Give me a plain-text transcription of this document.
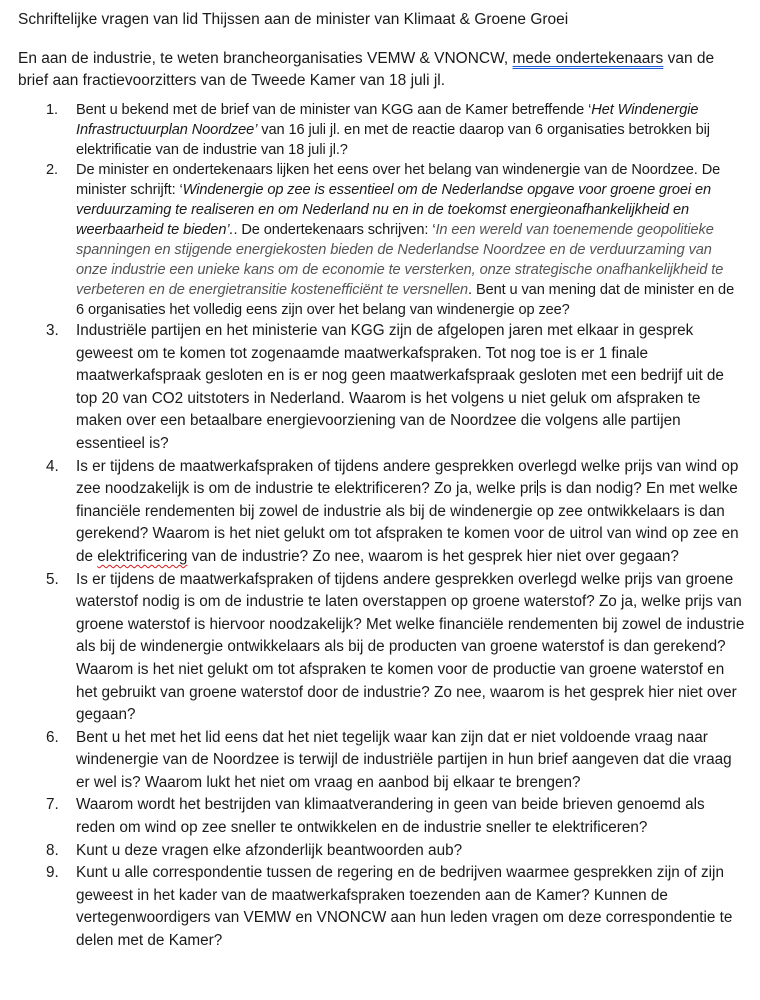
Schriftelijke vragen van lid Thijssen aan de minister van Klimaat & Groene Groei

En aan de industrie, te weten brancheorganisaties VEMW & VNONCW, mede ondertekenaars van de brief aan fractievoorzitters van de Tweede Kamer van 18 juli jl.

1. Bent u bekend met de brief van de minister van KGG aan de Kamer betreffende ‘Het Windenergie Infrastructuurplan Noordzee’ van 16 juli jl. en met de reactie daarop van 6 organisaties betrokken bij elektrificatie van de industrie van 18 juli jl.?
2. De minister en ondertekenaars lijken het eens over het belang van windenergie van de Noordzee. De minister schrijft: ‘Windenergie op zee is essentieel om de Nederlandse opgave voor groene groei en verduurzaming te realiseren en om Nederland nu en in de toekomst energieonafhankelijkheid en weerbaarheid te bieden’.. De ondertekenaars schrijven: ‘In een wereld van toenemende geopolitieke spanningen en stijgende energiekosten bieden de Nederlandse Noordzee en de verduurzaming van onze industrie een unieke kans om de economie te versterken, onze strategische onafhankelijkheid te verbeteren en de energietransitie kostenefficiënt te versnellen. Bent u van mening dat de minister en de 6 organisaties het volledig eens zijn over het belang van windenergie op zee?
3. Industriële partijen en het ministerie van KGG zijn de afgelopen jaren met elkaar in gesprek geweest om te komen tot zogenaamde maatwerkafspraken. Tot nog toe is er 1 finale maatwerkafspraak gesloten en is er nog geen maatwerkafspraak gesloten met een bedrijf uit de top 20 van CO2 uitstoters in Nederland. Waarom is het volgens u niet geluk om afspraken te maken over een betaalbare energievoorziening van de Noordzee die volgens alle partijen essentieel is?
4. Is er tijdens de maatwerkafspraken of tijdens andere gesprekken overlegd welke prijs van wind op zee noodzakelijk is om de industrie te elektrificeren? Zo ja, welke pri s is dan nodig? En met welke financiële rendementen bij zowel de industrie als bij de windenergie op zee ontwikkelaars is dan gerekend? Waarom is het niet gelukt om tot afspraken te komen voor de uitrol van wind op zee en de elektrificering van de industrie? Zo nee, waarom is het gesprek hier niet over gegaan?
5. Is er tijdens de maatwerkafspraken of tijdens andere gesprekken overlegd welke prijs van groene waterstof nodig is om de industrie te laten overstappen op groene waterstof? Zo ja, welke prijs van groene waterstof is hiervoor noodzakelijk? Met welke financiële rendementen bij zowel de industrie als bij de windenergie ontwikkelaars als bij de producten van groene waterstof is dan gerekend? Waarom is het niet gelukt om tot afspraken te komen voor de productie van groene waterstof en het gebruikt van groene waterstof door de industrie? Zo nee, waarom is het gesprek hier niet over gegaan?
6. Bent u het met het lid eens dat het niet tegelijk waar kan zijn dat er niet voldoende vraag naar windenergie van de Noordzee is terwijl de industriële partijen in hun brief aangeven dat die vraag er wel is? Waarom lukt het niet om vraag en aanbod bij elkaar te brengen?
7. Waarom wordt het bestrijden van klimaatverandering in geen van beide brieven genoemd als reden om wind op zee sneller te ontwikkelen en de industrie sneller te elektrificeren?
8. Kunt u deze vragen elke afzonderlijk beantwoorden aub?
9. Kunt u alle correspondentie tussen de regering en de bedrijven waarmee gesprekken zijn of zijn geweest in het kader van de maatwerkafspraken toezenden aan de Kamer? Kunnen de vertegenwoordigers van VEMW en VNONCW aan hun leden vragen om deze correspondentie te delen met de Kamer?
